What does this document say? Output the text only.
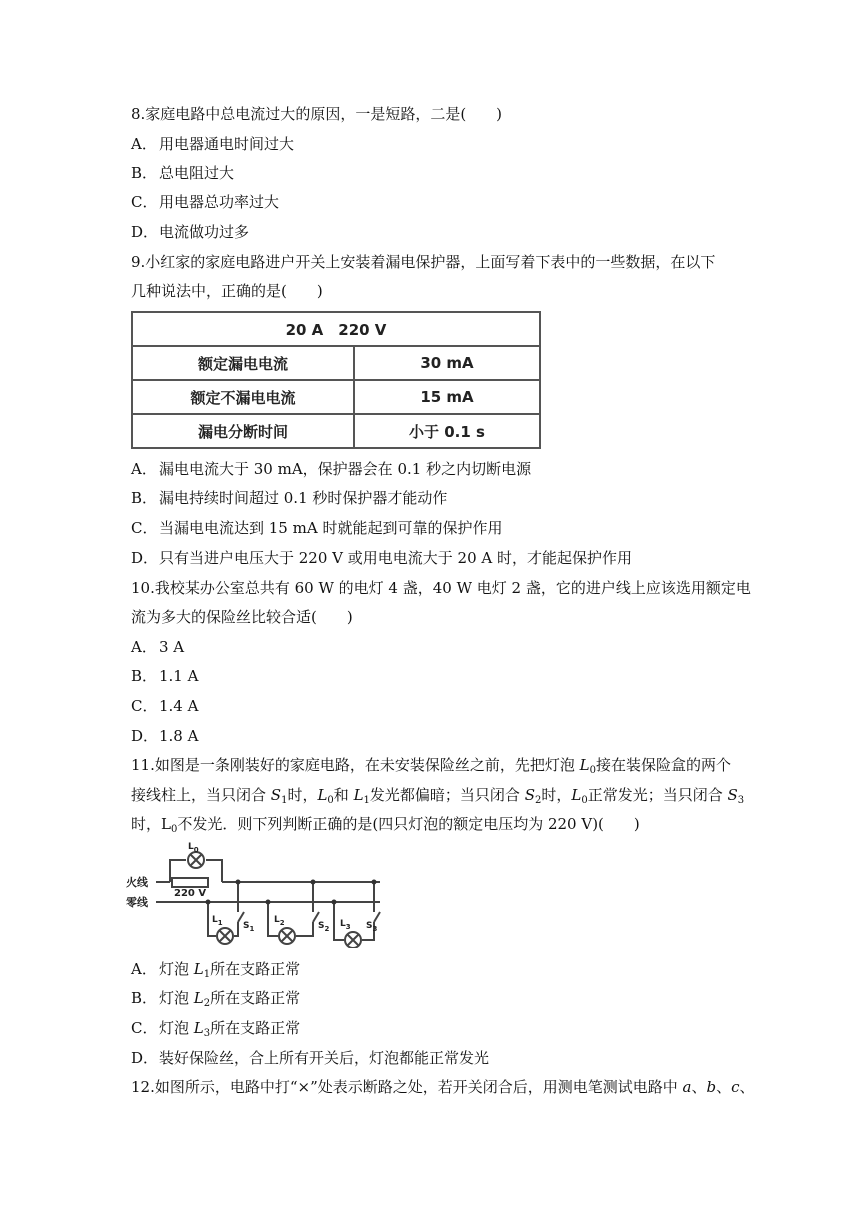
8.家庭电路中总电流过大的原因，一是短路，二是(　　)
A． 用电器通电时间过大
B． 总电阻过大
C． 用电器总功率过大
D．电流做功过多
9.小红家的家庭电路进户开关上安装着漏电保护器，上面写着下表中的一些数据，在以下
几种说法中，正确的是(　　)
20 A　220 V	
额定漏电电流	30 mA
额定不漏电电流	15 mA
漏电分断时间	小于 0.1 s
A． 漏电电流大于 30 mA，保护器会在 0.1 秒之内切断电源
B． 漏电持续时间超过 0.1 秒时保护器才能动作
C． 当漏电电流达到 15 mA 时就能起到可靠的保护作用
D．只有当进户电压大于 220 V 或用电电流大于 20 A 时，才能起保护作用
10.我校某办公室总共有 60 W 的电灯 4 盏，40 W 电灯 2 盏，它的进户线上应该选用额定电
流为多大的保险丝比较合适(　　)
A． 3 A
B． 1.1 A
C． 1.4 A
D．1.8 A
11.如图是一条刚装好的家庭电路，在未安装保险丝之前，先把灯泡 $L_0$接在装保险盒的两个
接线柱上，当只闭合 $S_1$时，$L_0$和 $L_1$发光都偏暗；当只闭合 $S_2$时，$L_0$正常发光；当只闭合 $S_3$
时，$L_0$不发光．则下列判断正确的是(四只灯泡的额定电压均为 220 V)(　　)
火线
零线
220 V
$L_0$
$L_1$ $S_1$
$L_2$	$S_2$ $L_3$ $S_3$
A． 灯泡 $L_1$所在支路正常
B． 灯泡 $L_2$所在支路正常
C． 灯泡 $L_3$所在支路正常
D．装好保险丝，合上所有开关后，灯泡都能正常发光
12.如图所示，电路中打“×”处表示断路之处，若开关闭合后，用测电笔测试电路中 a、b、c、
